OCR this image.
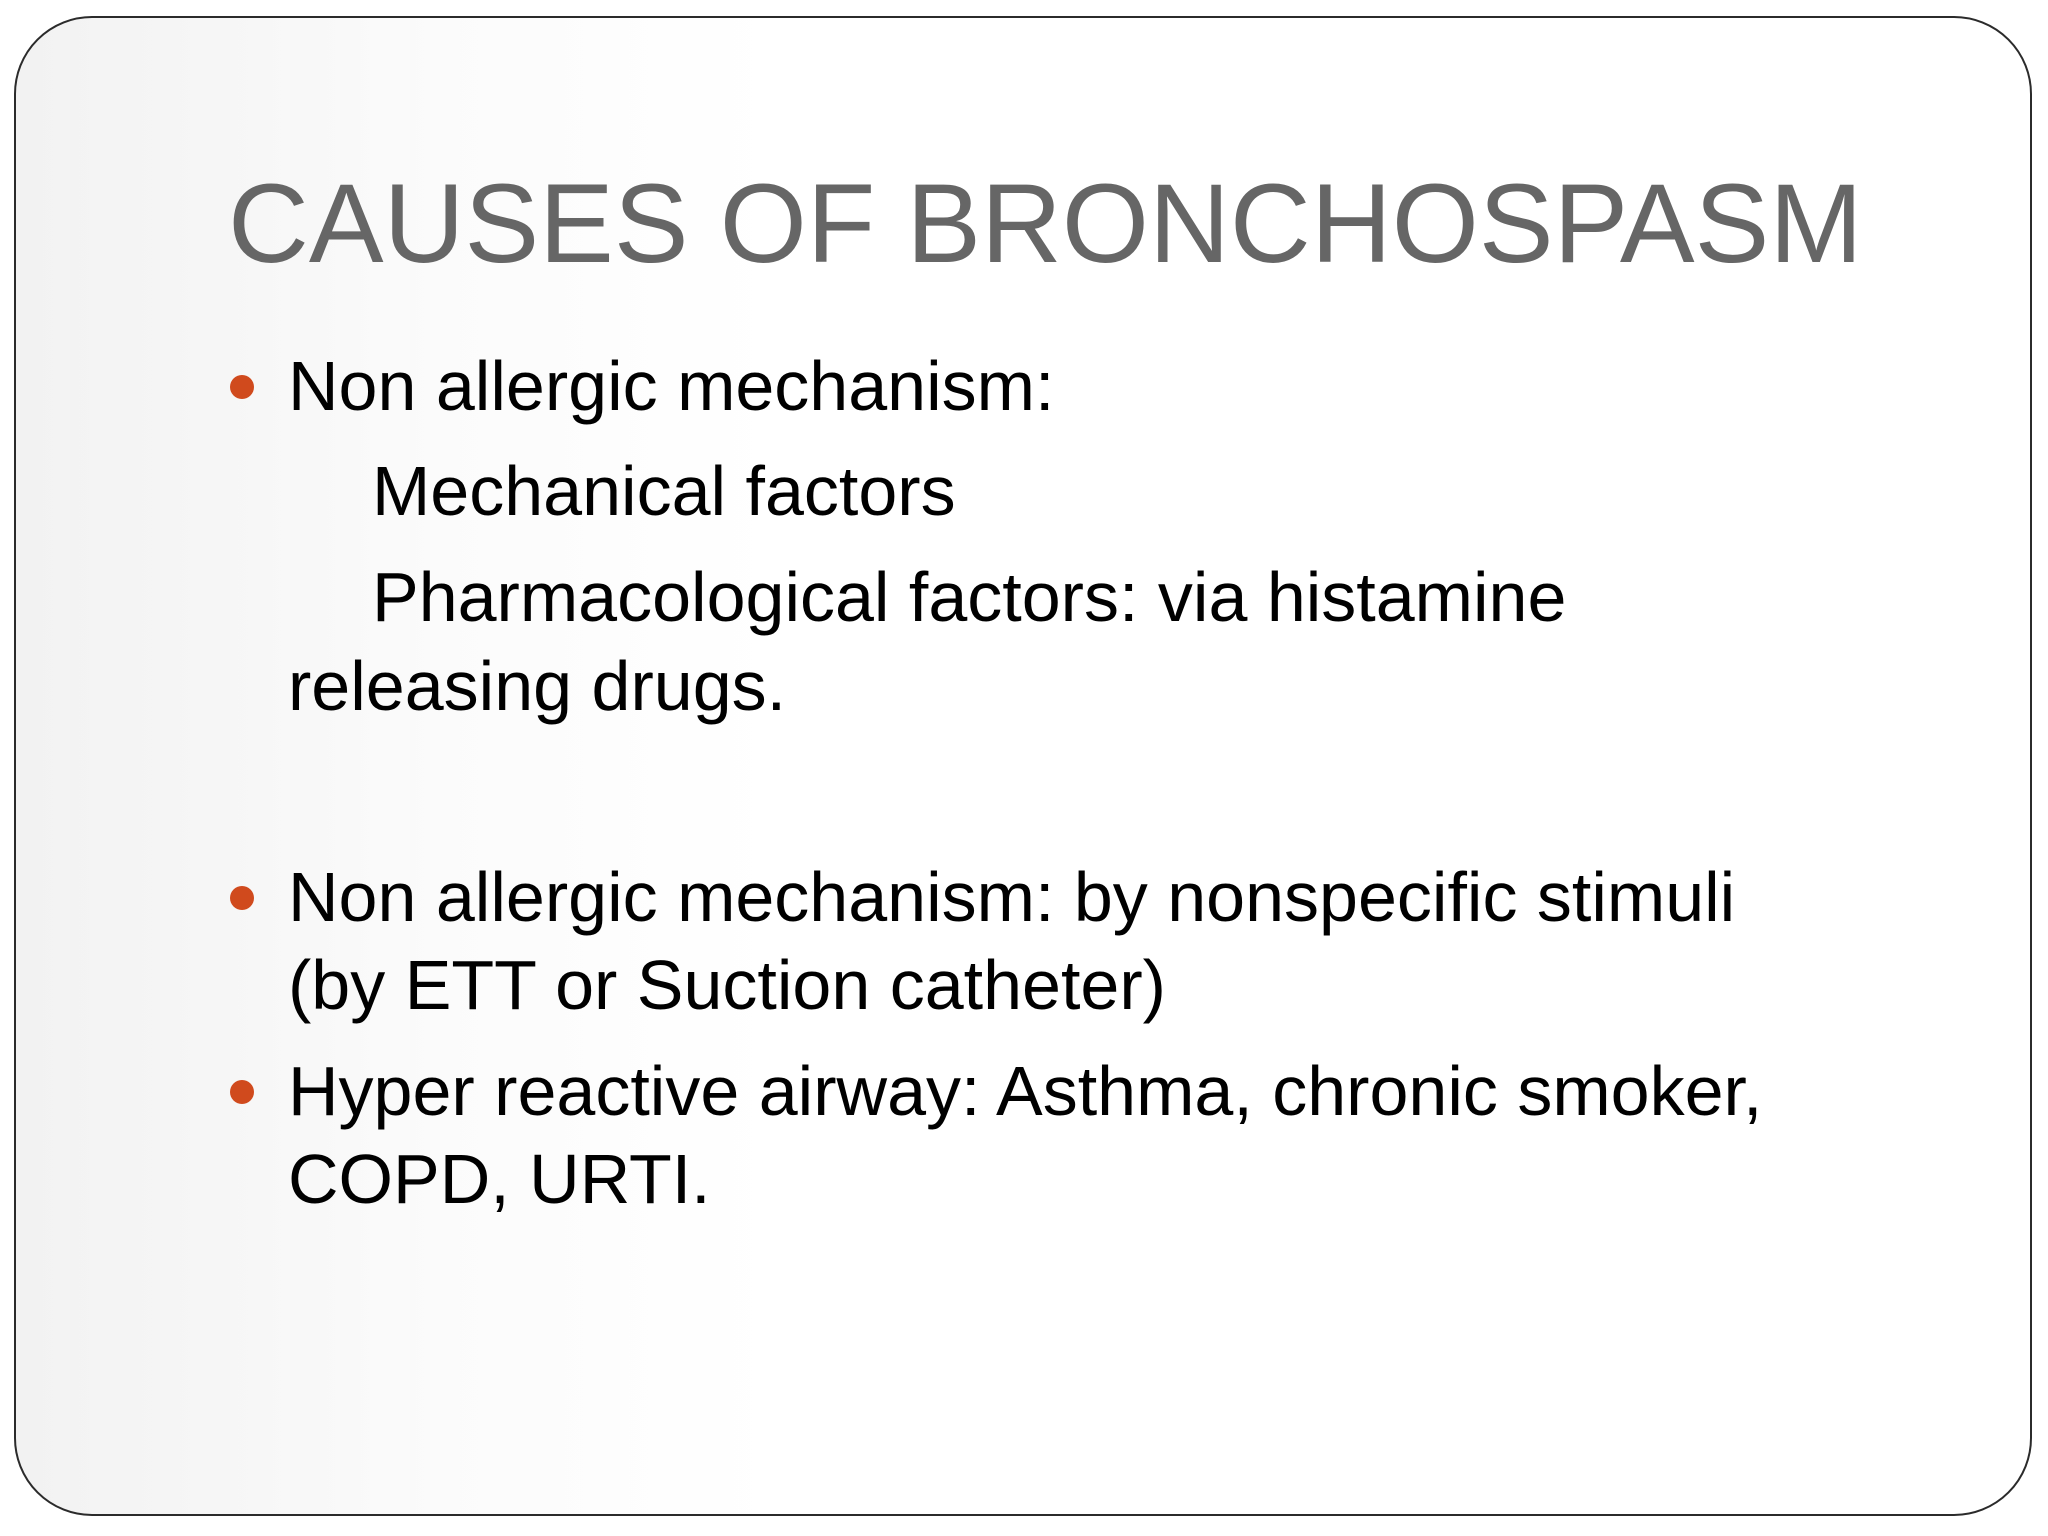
CAUSES OF BRONCHOSPASM
Non allergic mechanism:
Mechanical factors
Pharmacological factors: via histamine
releasing drugs.
Non allergic mechanism: by nonspecific stimuli
(by ETT or Suction catheter)
Hyper reactive airway: Asthma, chronic smoker,
COPD, URTI.
